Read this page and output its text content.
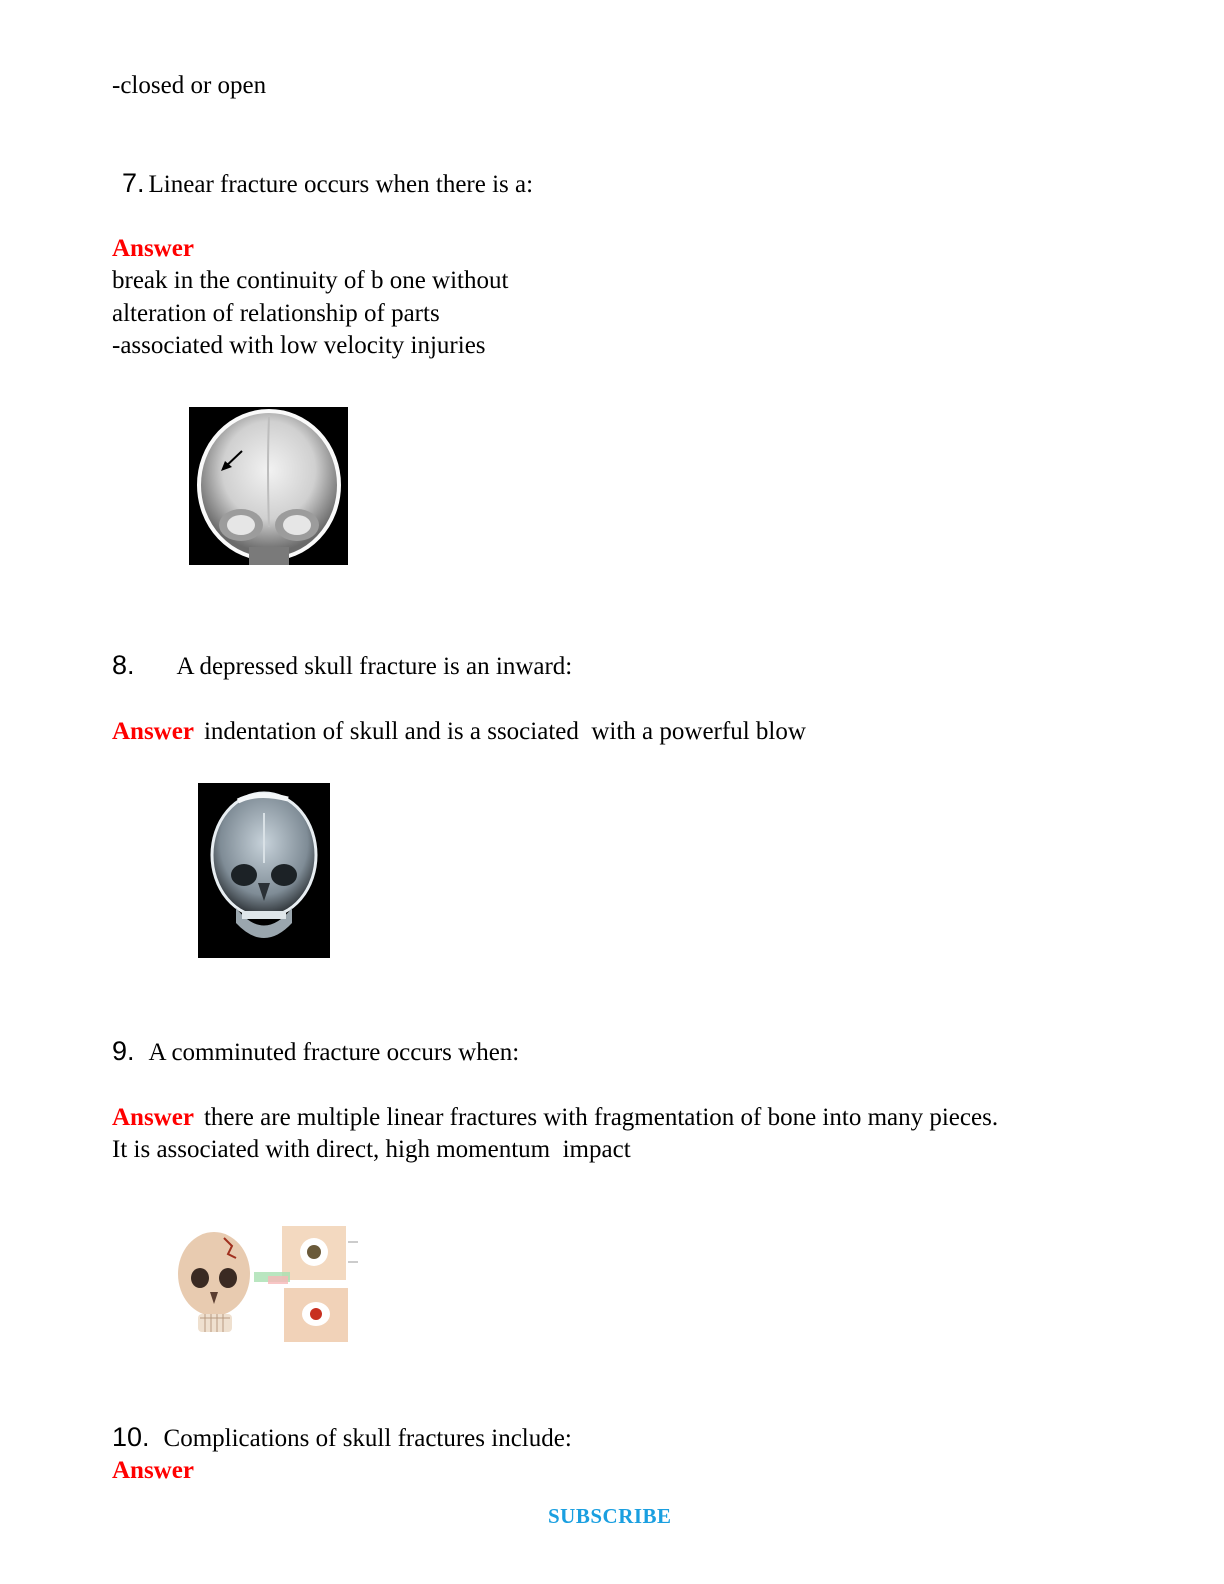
-closed or open
7. Linear fracture occurs when there is a:
Answer
break in the continuity of b one without
alteration of relationship of parts
-associated with low velocity injuries
8. A depressed skull fracture is an inward:
Answer indentation of skull and is a ssociated  with a powerful blow
9. A comminuted fracture occurs when:
Answer there are multiple linear fractures with fragmentation of bone into many pieces.
It is associated with direct, high momentum  impact
10. Complications of skull fractures include:
Answer
SUBSCRIBE
